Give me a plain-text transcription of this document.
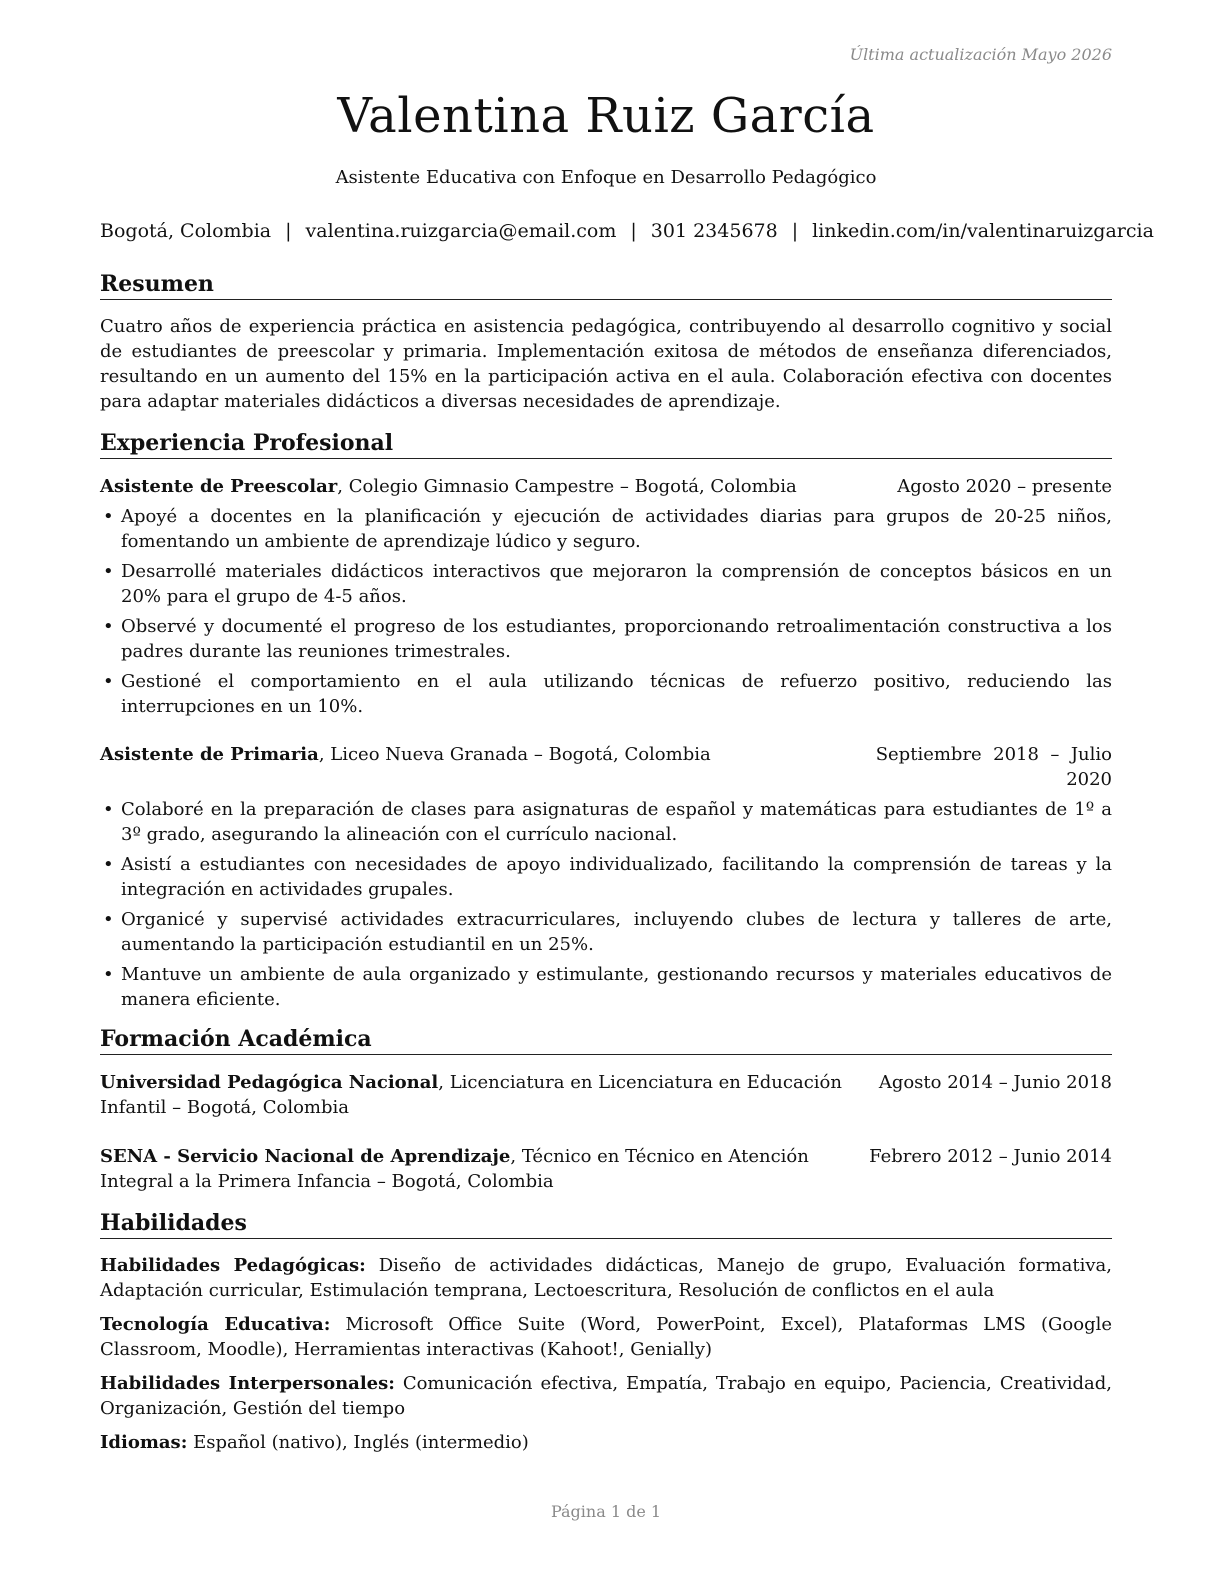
Última actualización Mayo 2026
Valentina Ruiz García
Asistente Educativa con Enfoque en Desarrollo Pedagógico
Bogotá, Colombia | valentina.ruizgarcia@email.com | 301 2345678 | linkedin.com/in/valentinaruizgarcia
Resumen
Cuatro años de experiencia práctica en asistencia pedagógica, contribuyendo al desarrollo cognitivo y social de estudiantes de preescolar y primaria. Implementación exitosa de métodos de enseñanza diferenciados, resultando en un aumento del 15% en la participación activa en el aula. Colaboración efectiva con docentes para adaptar materiales didácticos a diversas necesidades de aprendizaje.
Experiencia Profesional
Asistente de Preescolar, Colegio Gimnasio Campestre – Bogotá, Colombia	Agosto 2020 – presente
• Apoyé a docentes en la planificación y ejecución de actividades diarias para grupos de 20-25 niños, fomentando un ambiente de aprendizaje lúdico y seguro.
• Desarrollé materiales didácticos interactivos que mejoraron la comprensión de conceptos básicos en un 20% para el grupo de 4-5 años.
• Observé y documenté el progreso de los estudiantes, proporcionando retroalimentación constructiva a los padres durante las reuniones trimestrales.
• Gestioné el comportamiento en el aula utilizando técnicas de refuerzo positivo, reduciendo las interrupciones en un 10%.
Asistente de Primaria, Liceo Nueva Granada – Bogotá, Colombia	Septiembre  2018  –  Julio
2020
• Colaboré en la preparación de clases para asignaturas de español y matemáticas para estudiantes de 1º a 3º grado, asegurando la alineación con el currículo nacional.
• Asistí a estudiantes con necesidades de apoyo individualizado, facilitando la comprensión de tareas y la integración en actividades grupales.
• Organicé y supervisé actividades extracurriculares, incluyendo clubes de lectura y talleres de arte, aumentando la participación estudiantil en un 25%.
• Mantuve un ambiente de aula organizado y estimulante, gestionando recursos y materiales educativos de manera eficiente.
Formación Académica
Agosto 2014 – Junio 2018
Universidad Pedagógica Nacional, Licenciatura en Licenciatura en Educación Infantil – Bogotá, Colombia
Febrero 2012 – Junio 2014
SENA - Servicio Nacional de Aprendizaje, Técnico en Técnico en Atención Integral a la Primera Infancia – Bogotá, Colombia
Habilidades
Habilidades Pedagógicas: Diseño de actividades didácticas, Manejo de grupo, Evaluación formativa, Adaptación curricular, Estimulación temprana, Lectoescritura, Resolución de conflictos en el aula
Tecnología Educativa: Microsoft Office Suite (Word, PowerPoint, Excel), Plataformas LMS (Google Classroom, Moodle), Herramientas interactivas (Kahoot!, Genially)
Habilidades Interpersonales: Comunicación efectiva, Empatía, Trabajo en equipo, Paciencia, Creatividad, Organización, Gestión del tiempo
Idiomas: Español (nativo), Inglés (intermedio)
Página 1 de 1
